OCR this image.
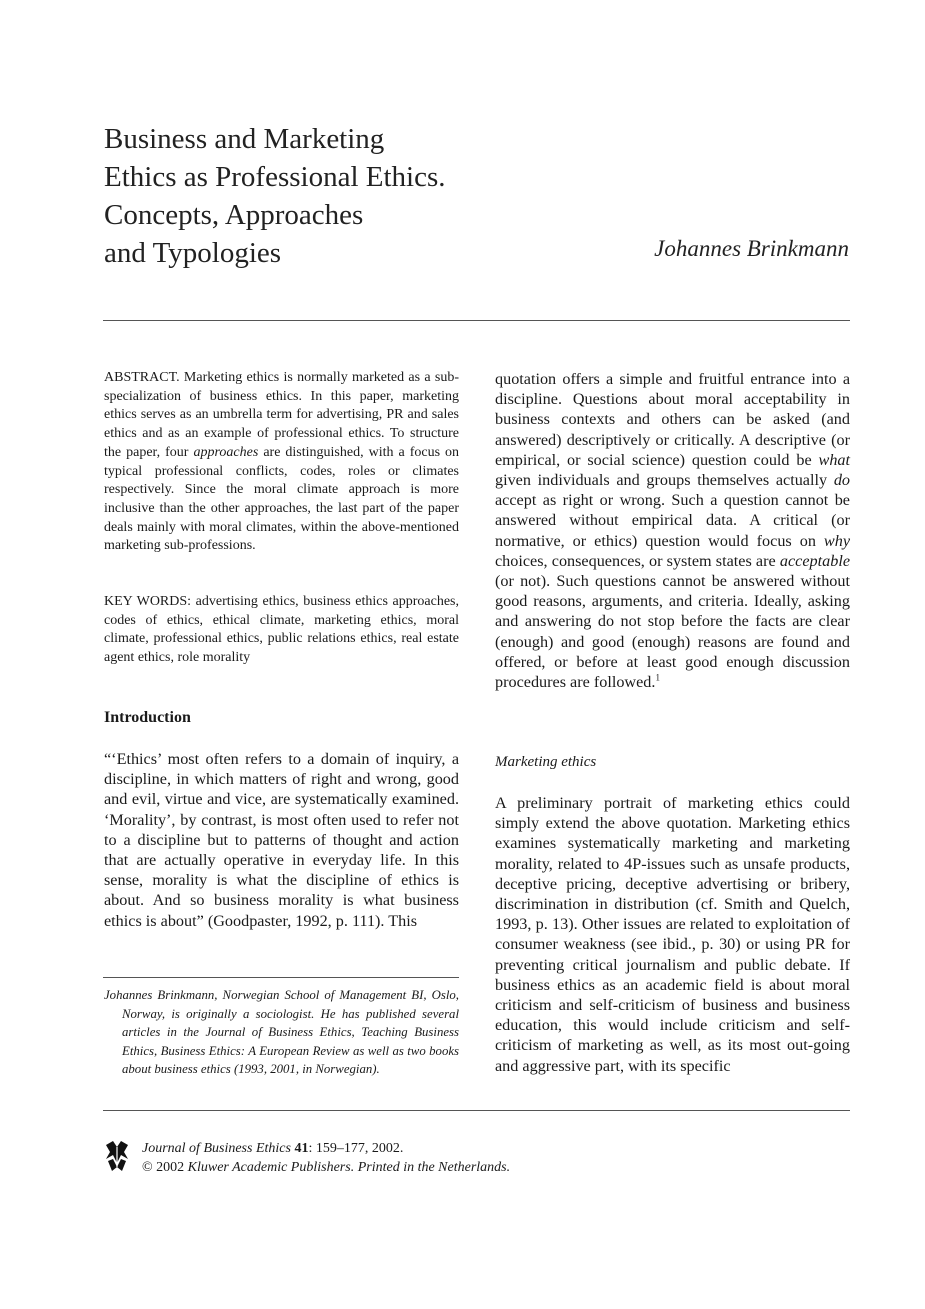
Business and Marketing
Ethics as Professional Ethics.
Concepts, Approaches
and Typologies	Johannes Brinkmann
ABSTRACT. Marketing ethics is normally marketed as a sub-specialization of business ethics. In this paper, marketing ethics serves as an umbrella term for advertising, PR and sales ethics and as an example of professional ethics. To structure the paper, four approaches are distinguished, with a focus on typical professional conflicts, codes, roles or climates respectively. Since the moral climate approach is more inclusive than the other approaches, the last part of the paper deals mainly with moral climates, within the above-mentioned marketing sub-professions.
KEY WORDS: advertising ethics, business ethics approaches, codes of ethics, ethical climate, marketing ethics, moral climate, professional ethics, public relations ethics, real estate agent ethics, role morality
Introduction
“‘Ethics’ most often refers to a domain of inquiry, a discipline, in which matters of right and wrong, good and evil, virtue and vice, are systematically examined. ‘Morality’, by contrast, is most often used to refer not to a discipline but to patterns of thought and action that are actually operative in everyday life. In this sense, morality is what the discipline of ethics is about. And so business morality is what business ethics is about” (Goodpaster, 1992, p. 111). This
Johannes Brinkmann, Norwegian School of Management BI, Oslo, Norway, is originally a sociologist. He has published several articles in the Journal of Business Ethics, Teaching Business Ethics, Business Ethics: A European Review as well as two books about business ethics (1993, 2001, in Norwegian).
quotation offers a simple and fruitful entrance into a discipline. Questions about moral acceptability in business contexts and others can be asked (and answered) descriptively or critically. A descriptive (or empirical, or social science) question could be what given individuals and groups themselves actually do accept as right or wrong. Such a question cannot be answered without empirical data. A critical (or normative, or ethics) question would focus on why choices, consequences, or system states are acceptable (or not). Such questions cannot be answered without good reasons, arguments, and criteria. Ideally, asking and answering do not stop before the facts are clear (enough) and good (enough) reasons are found and offered, or before at least good enough discussion procedures are followed.$^1$
Marketing ethics
A preliminary portrait of marketing ethics could simply extend the above quotation. Marketing ethics examines systematically marketing and marketing morality, related to 4P-issues such as unsafe products, deceptive pricing, deceptive advertising or bribery, discrimination in distribution (cf. Smith and Quelch, 1993, p. 13). Other issues are related to exploitation of consumer weakness (see ibid., p. 30) or using PR for preventing critical journalism and public debate. If business ethics as an academic field is about moral criticism and self-criticism of business and business education, this would include criticism and self-criticism of marketing as well, as its most out-going and aggressive part, with its specific
Journal of Business Ethics 41: 159–177, 2002.
© 2002 Kluwer Academic Publishers. Printed in the Netherlands.
